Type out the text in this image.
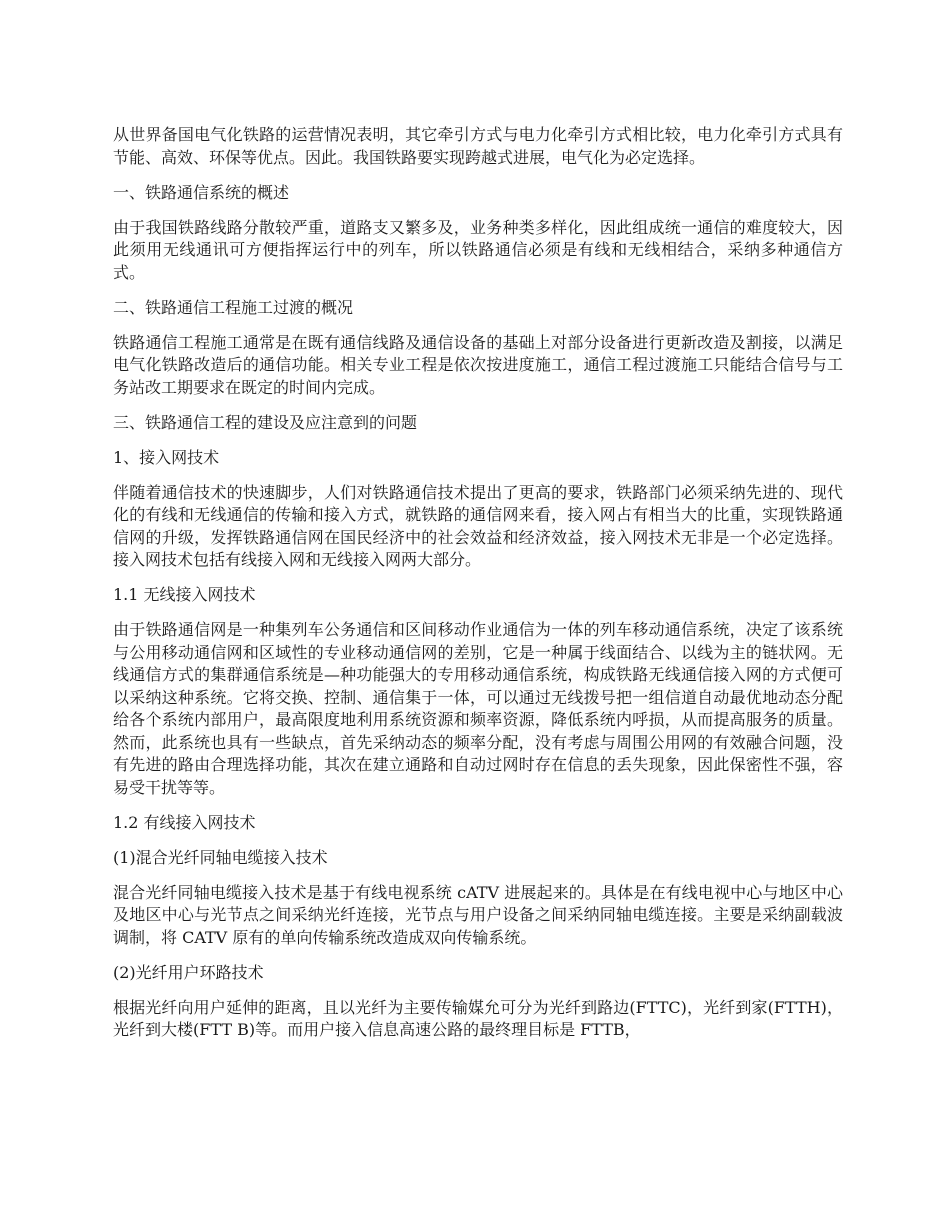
从世界备国电气化铁路的运营情况表明，其它牵引方式与电力化牵引方式相比较，电力化牵引方式具有节能、高效、环保等优点。因此。我国铁路要实现跨越式进展，电气化为必定选择。

一、铁路通信系统的概述

由于我国铁路线路分散较严重，道路支又繁多及，业务种类多样化，因此组成统一通信的难度较大，因此须用无线通讯可方便指挥运行中的列车，所以铁路通信必须是有线和无线相结合，采纳多种通信方式。

二、铁路通信工程施工过渡的概况

铁路通信工程施工通常是在既有通信线路及通信设备的基础上对部分设备进行更新改造及割接，以满足电气化铁路改造后的通信功能。相关专业工程是依次按进度施工，通信工程过渡施工只能结合信号与工务站改工期要求在既定的时间内完成。

三、铁路通信工程的建设及应注意到的问题

1、接入网技术

伴随着通信技术的快速脚步，人们对铁路通信技术提出了更高的要求，铁路部门必须采纳先进的、现代化的有线和无线通信的传输和接入方式，就铁路的通信网来看，接入网占有相当大的比重，实现铁路通信网的升级，发挥铁路通信网在国民经济中的社会效益和经济效益，接入网技术无非是一个必定选择。接入网技术包括有线接入网和无线接入网两大部分。

1.1 无线接入网技术

由于铁路通信网是一种集列车公务通信和区间移动作业通信为一体的列车移动通信系统，决定了该系统与公用移动通信网和区域性的专业移动通信网的差别，它是一种属于线面结合、以线为主的链状网。无线通信方式的集群通信系统是—种功能强大的专用移动通信系统，构成铁路无线通信接入网的方式便可以采纳这种系统。它将交换、控制、通信集于一体，可以通过无线拨号把一组信道自动最优地动态分配给各个系统内部用户，最高限度地利用系统资源和频率资源，降低系统内呼损，从而提高服务的质量。然而，此系统也具有一些缺点，首先采纳动态的频率分配，没有考虑与周围公用网的有效融合问题，没有先进的路由合理选择功能，其次在建立通路和自动过网时存在信息的丢失现象，因此保密性不强，容易受干扰等等。

1.2 有线接入网技术

(1)混合光纤同轴电缆接入技术

混合光纤同轴电缆接入技术是基于有线电视系统 cATV 进展起来的。具体是在有线电视中心与地区中心及地区中心与光节点之间采纳光纤连接，光节点与用户设备之间采纳同轴电缆连接。主要是采纳副载波调制，将 CATV 原有的单向传输系统改造成双向传输系统。

(2)光纤用户环路技术

根据光纤向用户延伸的距离，且以光纤为主要传输媒允可分为光纤到路边(FTTC)，光纤到家(FTTH)，光纤到大楼(FTT B)等。而用户接入信息高速公路的最终理目标是 FTTB，
